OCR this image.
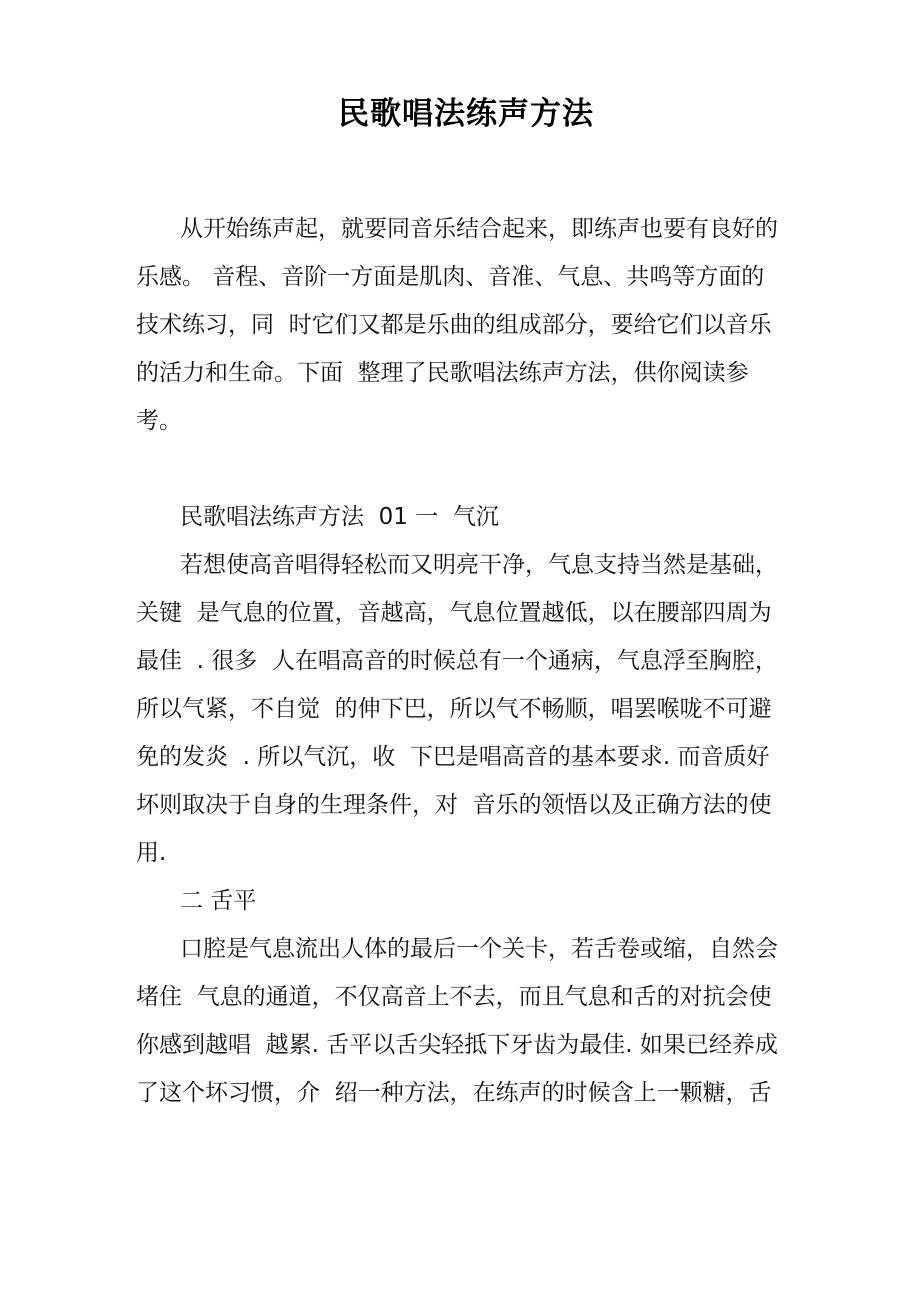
民歌唱法练声方法
从开始练声起，就要同音乐结合起来，即练声也要有良好的
乐感。 音程、音阶一方面是肌肉、音准、气息、共鸣等方面的
技术练习，同  时它们又都是乐曲的组成部分，要给它们以音乐
的活力和生命。下面  整理了民歌唱法练声方法，供你阅读参
考。
民歌唱法练声方法  01 一  气沉
若想使高音唱得轻松而又明亮干净，气息支持当然是基础，
关键  是气息的位置，音越高，气息位置越低，以在腰部四周为
最佳  . 很多  人在唱高音的时候总有一个通病，气息浮至胸腔，
所以气紧，不自觉  的伸下巴，所以气不畅顺，唱罢喉咙不可避
免的发炎  . 所以气沉，收  下巴是唱高音的基本要求. 而音质好
坏则取决于自身的生理条件，对  音乐的领悟以及正确方法的使
用.
二 舌平
口腔是气息流出人体的最后一个关卡，若舌卷或缩，自然会
堵住  气息的通道，不仅高音上不去，而且气息和舌的对抗会使
你感到越唱  越累. 舌平以舌尖轻抵下牙齿为最佳. 如果已经养成
了这个坏习惯，介  绍一种方法，在练声的时候含上一颗糖，舌
